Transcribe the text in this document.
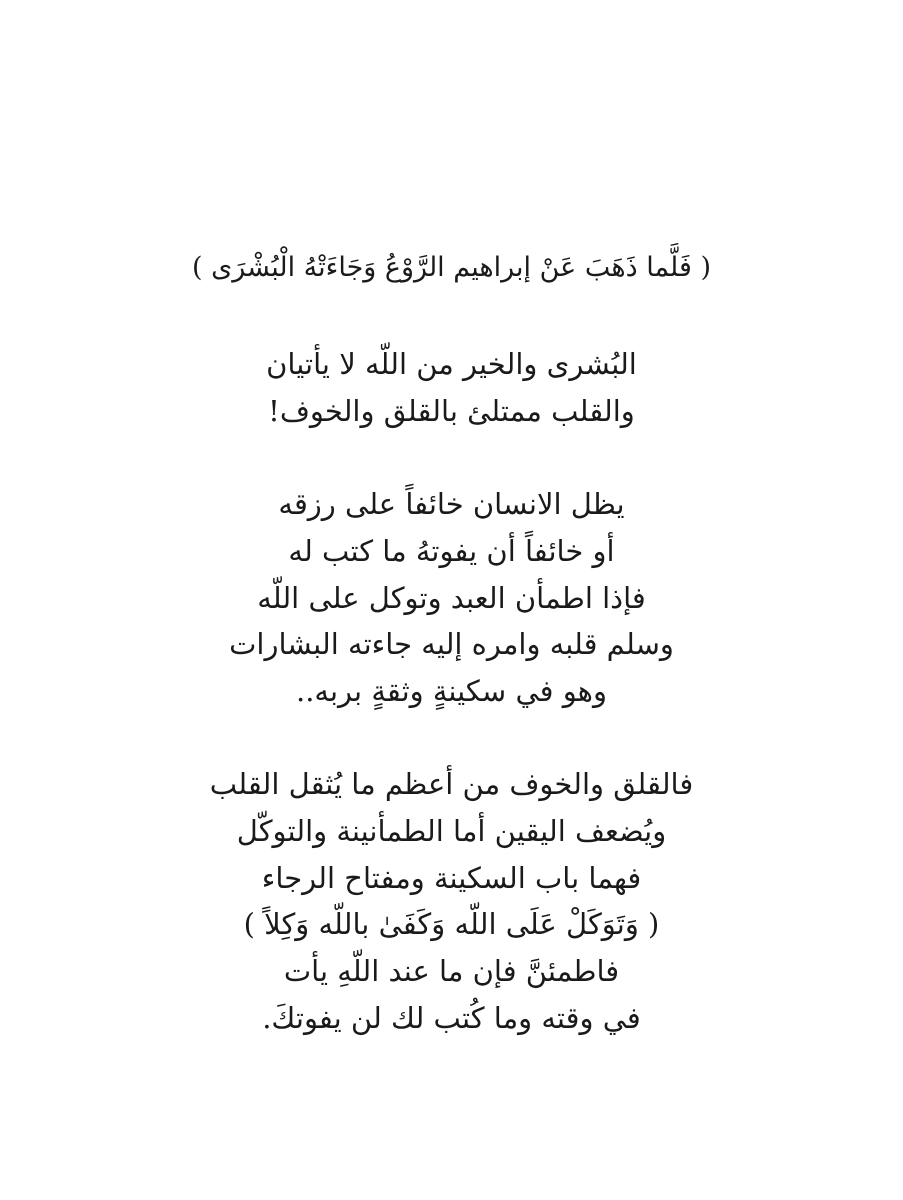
( فَلَّما ذَهَبَ عَنْ إبراهيم الرَّوْعُ وَجَاءَتْهُ الْبُشْرَى )
البُشرى والخير من اللّه لا يأتيان
والقلب ممتلئ بالقلق والخوف!
يظل الانسان خائفاً على رزقه
أو خائفاً أن يفوتهُ ما كتب له
فإذا اطمأن العبد وتوكل على اللّه
وسلم قلبه وامره إليه جاءته البشارات
وهو في سكينةٍ وثقةٍ بربه..
فالقلق والخوف من أعظم ما يُثقل القلب
ويُضعف اليقين أما الطمأنينة والتوكّل
فهما باب السكينة ومفتاح الرجاء
( وَتَوَكَلْ عَلَى اللّه وَكَفَىٰ باللّه وَكِلاً )
فاطمئنَّ فإن ما عند اللّهِ يأت
في وقته وما كُتب لك لن يفوتكَ.
